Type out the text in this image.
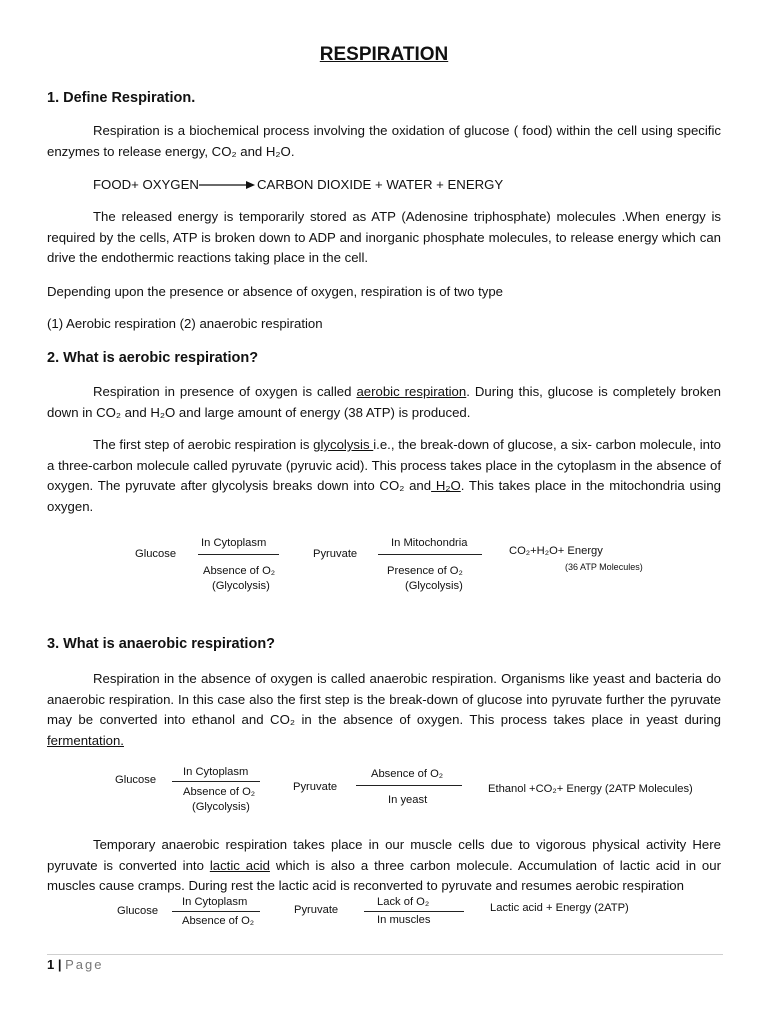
RESPIRATION
1. Define Respiration.

Respiration is a biochemical process involving the oxidation of glucose ( food) within the cell using specific enzymes to release energy, CO₂ and H₂O.

FOOD+ OXYGEN	CARBON DIOXIDE + WATER + ENERGY

The released energy is temporarily stored as ATP (Adenosine triphosphate) molecules .When energy is required by the cells, ATP is broken down to ADP and inorganic phosphate molecules, to release energy which can drive the endothermic reactions taking place in the cell.

Depending upon the presence or absence of oxygen, respiration is of two type

(1) Aerobic respiration (2) anaerobic respiration

2. What is aerobic respiration?

Respiration in presence of oxygen is called aerobic respiration. During this, glucose is completely broken down in CO₂ and H₂O and large amount of energy (38 ATP) is produced.

The first step of aerobic respiration is glycolysis i.e., the break-down of glucose, a six- carbon molecule, into a three-carbon molecule called pyruvate (pyruvic acid). This process takes place in the cytoplasm in the absence of oxygen. The pyruvate after glycolysis breaks down into CO₂ and H₂O. This takes place in the mitochondria using oxygen.

Glucose
In Cytoplasm
Absence of O₂
(Glycolysis)
Pyruvate
In Mitochondria
Presence of O₂
(Glycolysis)
CO₂+H₂O+ Energy
(36 ATP Molecules)
3. What is anaerobic respiration?

Respiration in the absence of oxygen is called anaerobic respiration. Organisms like yeast and bacteria do anaerobic respiration. In this case also the first step is the break-down of glucose into pyruvate further the pyruvate may be converted into ethanol and CO₂ in the absence of oxygen. This process takes place in yeast during fermentation.

Glucose
In Cytoplasm
Absence of O₂
(Glycolysis)
Pyruvate
Absence of O₂
In yeast
Ethanol +CO₂+ Energy (2ATP Molecules)

Temporary anaerobic respiration takes place in our muscle cells due to vigorous physical activity Here pyruvate is converted into lactic acid which is also a three carbon molecule. Accumulation of lactic acid in our muscles cause cramps. During rest the lactic acid is reconverted to pyruvate and resumes aerobic respiration

Glucose
In Cytoplasm
Absence of O₂
Pyruvate
Lack of O₂
In muscles
Lactic acid + Energy (2ATP)
1 | Page
